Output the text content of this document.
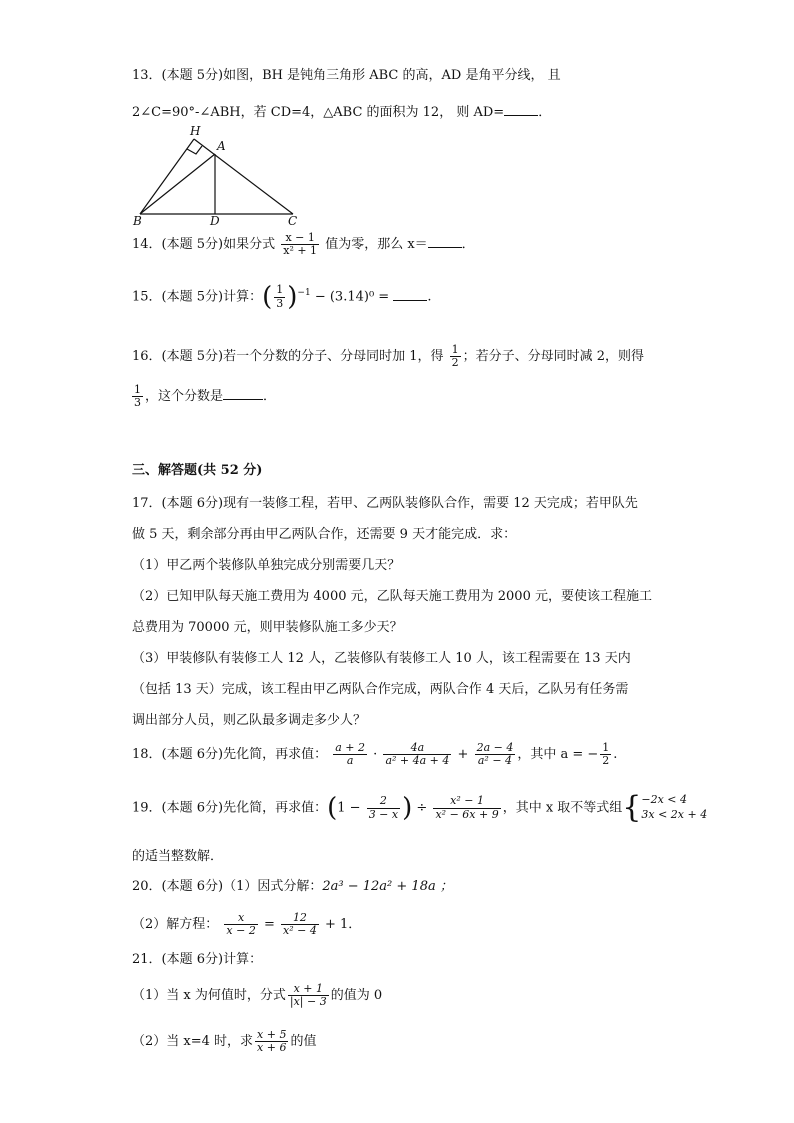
13．(本题 5分)如图，BH 是钝角三角形 ABC 的高，AD 是角平分线， 且
2∠C=90°-∠ABH，若 CD=4，△ABC 的面积为 12， 则 AD=	．
H
A
B	D	C
14．(本题 5分)如果分式 $\frac{x - 1}{\text{x² + 1}}$ 值为零，那么 x＝	．
15．(本题 5分)计算：( $\frac{1}{3} )^{-1} - (3.14)^0$ =	.
16．(本题 5分)若一个分数的分子、分母同时加 1，得 $\frac{1}{2}$ ；若分子、分母同时减 2，则得
$\frac{1}{3}$ ，这个分数是	．
三、解答题(共 52 分)
17．(本题 6分)现有一装修工程，若甲、乙两队装修队合作，需要 12 天完成；若甲队先
做 5 天，剩余部分再由甲乙两队合作，还需要 9 天才能完成．求：
（1）甲乙两个装修队单独完成分别需要几天？
（2）已知甲队每天施工费用为 4000 元，乙队每天施工费用为 2000 元，要使该工程施工
总费用为 70000 元，则甲装修队施工多少天？
（3）甲装修队有装修工人 12 人，乙装修队有装修工人 10 人，该工程需要在 13 天内
（包括 13 天）完成，该工程由甲乙两队合作完成，两队合作 4 天后，乙队另有任务需
调出部分人员，则乙队最多调走多少人？
18．(本题 6分)先化简，再求值： $\frac{a + 2}{a} \cdot \frac{4a}{\text{a² + 4a + 4}} + \frac{2a - 4}{\text{a² − 4}}$ ，其中 a = − $\frac{1}{2}$ .
19．(本题 6分)先化简，再求值：($1 - \frac{2}{3 - x}$ ) ÷ $\frac{\text{x² − 1}}{\text{x² − 6x + 9}}$ ，其中 x 取不等式组{ −2x < 4
3x < 2x + 4
的适当整数解．
20．(本题 6分)（1）因式分解：2a³ − 12a² + 18a ；
（2）解方程： $\frac{x}{x - 2} = \frac{12}{\text{x² − 4}} + 1$．
21．(本题 6分)计算：
（1）当 x 为何值时，分式 $\frac{x + 1}{|x| - 3}$ 的值为 0
（2）当 x=4 时，求 $\frac{x + 5}{x + 6}$ 的值
